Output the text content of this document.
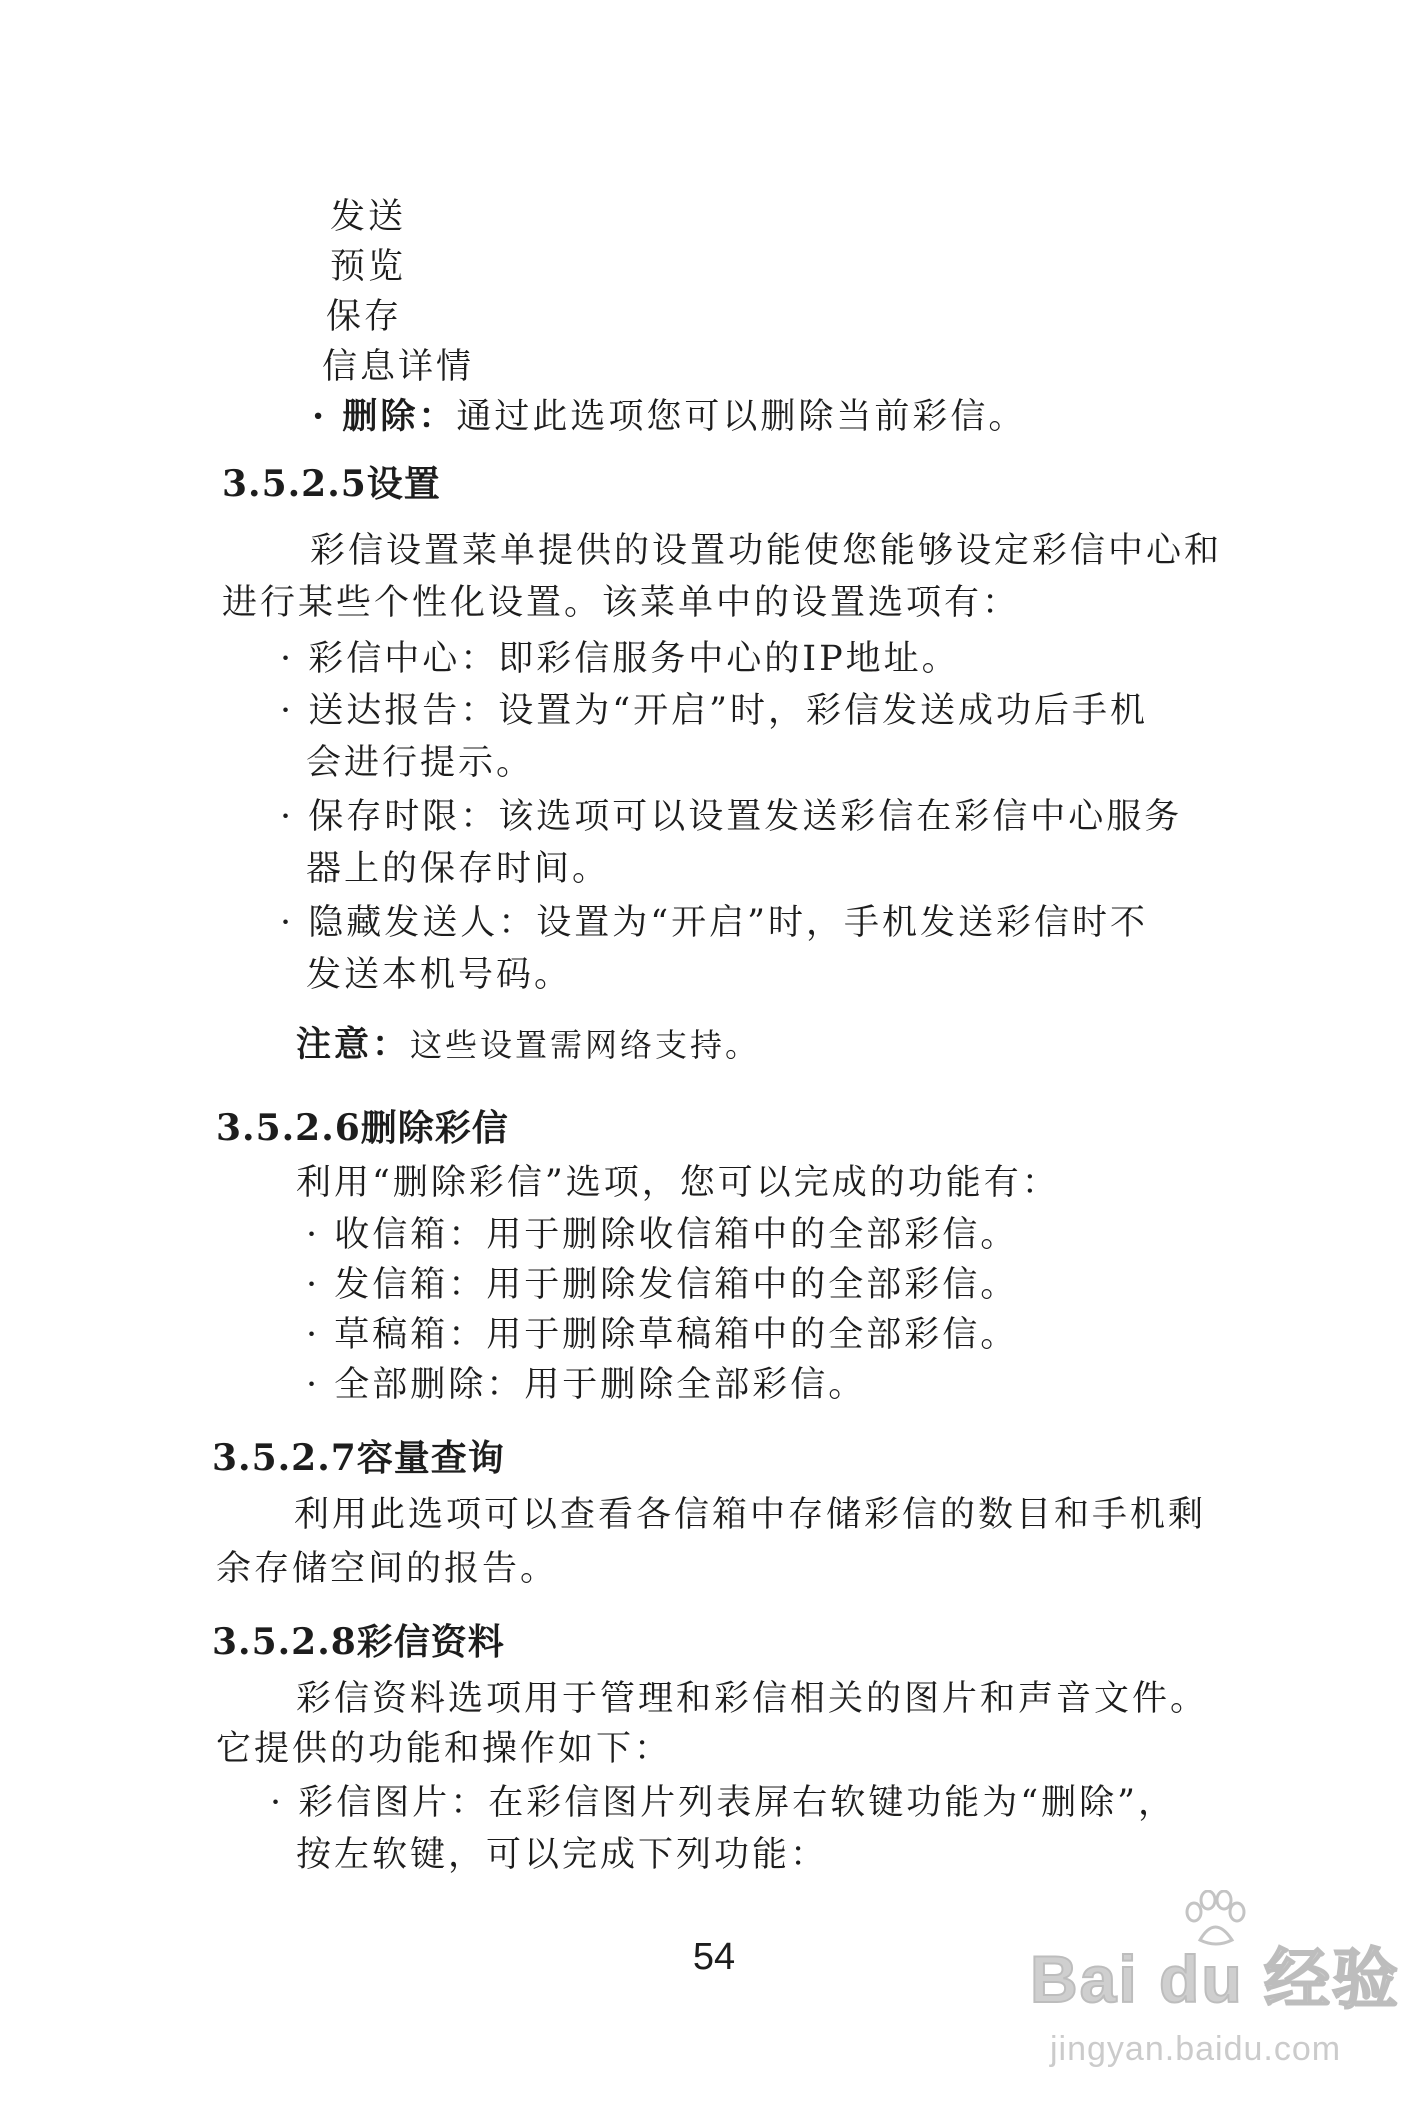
发送
预览
保存
信息详情
· 删除：通过此选项您可以删除当前彩信。
3.5.2.5设置
彩信设置菜单提供的设置功能使您能够设定彩信中心和
进行某些个性化设置。该菜单中的设置选项有：
· 彩信中心：即彩信服务中心的IP地址。
· 送达报告：设置为“开启”时，彩信发送成功后手机
会进行提示。
· 保存时限：该选项可以设置发送彩信在彩信中心服务
器上的保存时间。
· 隐藏发送人：设置为“开启”时，手机发送彩信时不
发送本机号码。
注意：这些设置需网络支持。
3.5.2.6删除彩信
利用“删除彩信”选项，您可以完成的功能有：
· 收信箱：用于删除收信箱中的全部彩信。
· 发信箱：用于删除发信箱中的全部彩信。
· 草稿箱：用于删除草稿箱中的全部彩信。
· 全部删除：用于删除全部彩信。
3.5.2.7容量查询
利用此选项可以查看各信箱中存储彩信的数目和手机剩
余存储空间的报告。
3.5.2.8彩信资料
彩信资料选项用于管理和彩信相关的图片和声音文件。
它提供的功能和操作如下：
· 彩信图片：在彩信图片列表屏右软键功能为“删除”，
按左软键，可以完成下列功能：
54	Bai du 经验
jingyan.baidu.com
